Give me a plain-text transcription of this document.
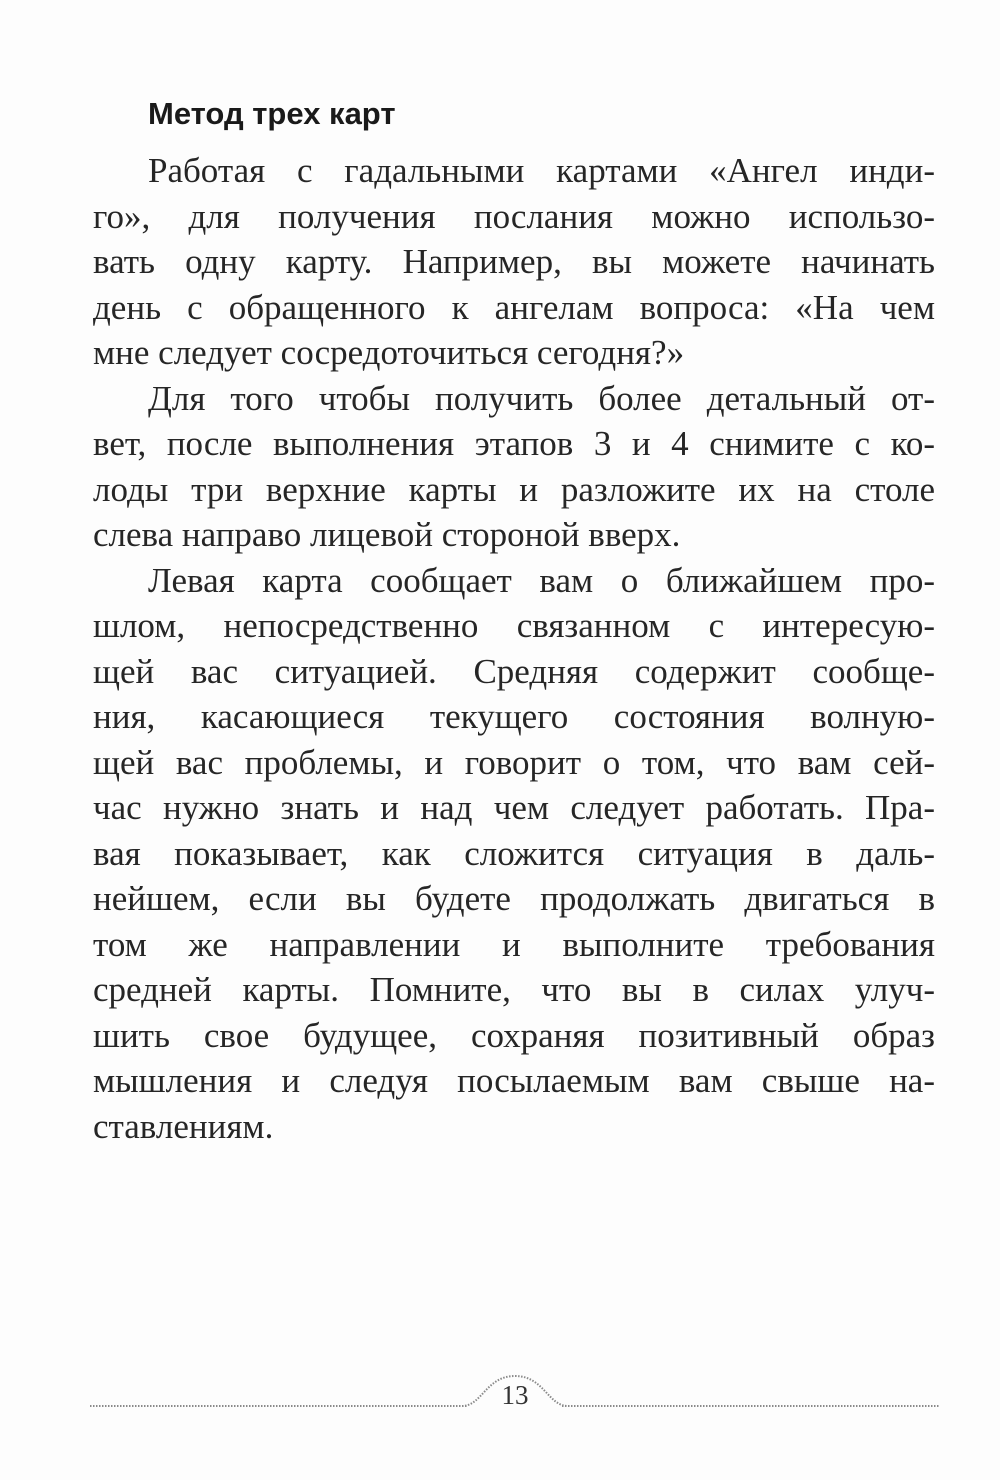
Метод трех карт

Работая с гадальными картами «Ангел инди-
го», для получения послания можно использо-
вать одну карту. Например, вы можете начинать
день с обращенного к ангелам вопроса: «На чем
мне следует сосредоточиться сегодня?»

Для того чтобы получить более детальный от-
вет, после выполнения этапов 3 и 4 снимите с ко-
лоды три верхние карты и разложите их на столе
слева направо лицевой стороной вверх.

Левая карта сообщает вам о ближайшем про-
шлом, непосредственно связанном с интересую-
щей вас ситуацией. Средняя содержит сообще-
ния, касающиеся текущего состояния волную-
щей вас проблемы, и говорит о том, что вам сей-
час нужно знать и над чем следует работать. Пра-
вая показывает, как сложится ситуация в даль-
нейшем, если вы будете продолжать двигаться в
том же направлении и выполните требования
средней карты. Помните, что вы в силах улуч-
шить свое будущее, сохраняя позитивный образ
мышления и следуя посылаемым вам свыше на-
ставлениям.

13
